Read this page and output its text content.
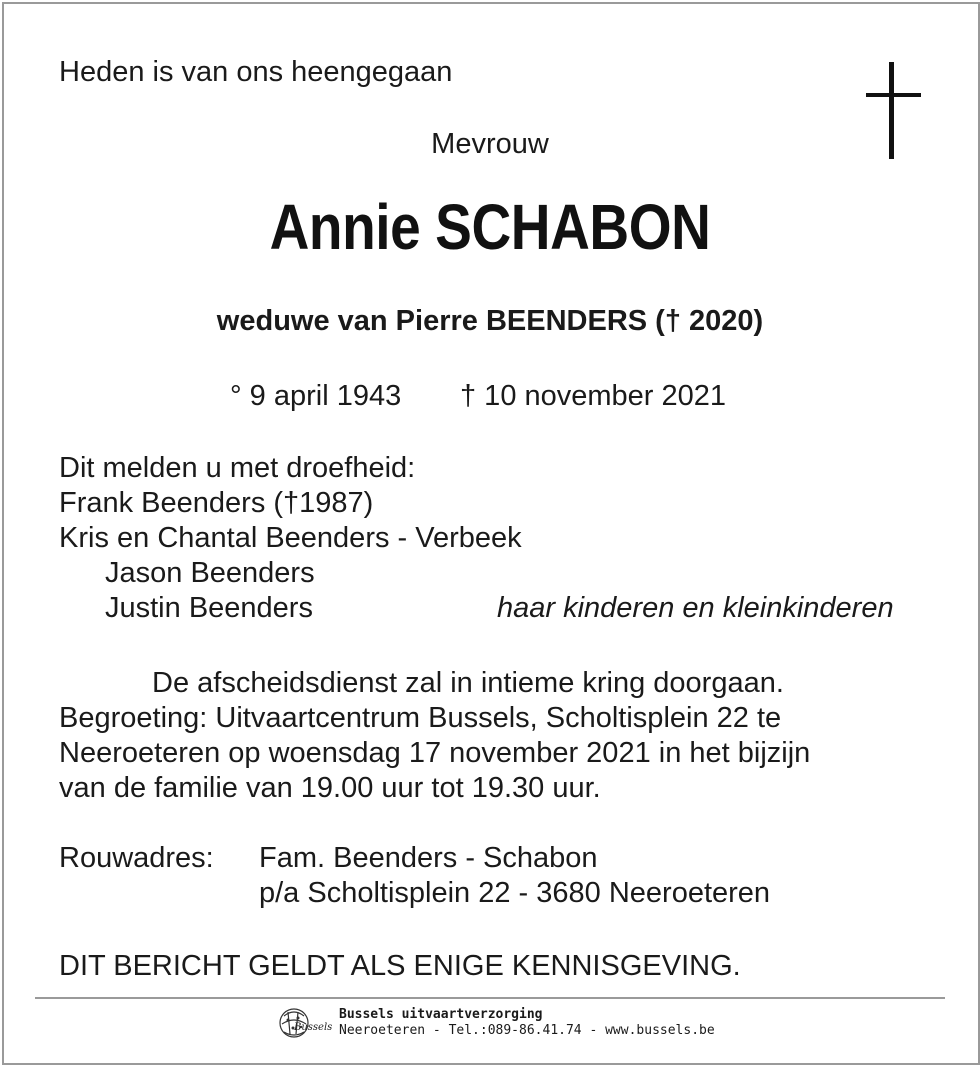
Heden is van ons heengegaan
Mevrouw
Annie SCHABON
weduwe van Pierre BEENDERS († 2020)
° 9 april 1943 † 10 november 2021
Dit melden u met droefheid:
Frank Beenders (†1987)
Kris en Chantal Beenders - Verbeek
Jason Beenders
Justin Beenders	haar kinderen en kleinkinderen
De afscheidsdienst zal in intieme kring doorgaan.
Begroeting: Uitvaartcentrum Bussels, Scholtisplein 22 te
Neeroeteren op woensdag 17 november 2021 in het bijzijn
van de familie van 19.00 uur tot 19.30 uur.
Rouwadres: Fam. Beenders - Schabon
p/a Scholtisplein 22 - 3680 Neeroeteren
DIT BERICHT GELDT ALS ENIGE KENNISGEVING.
Bussels
Bussels uitvaartverzorging
Neeroeteren - Tel.:089-86.41.74 - www.bussels.be
